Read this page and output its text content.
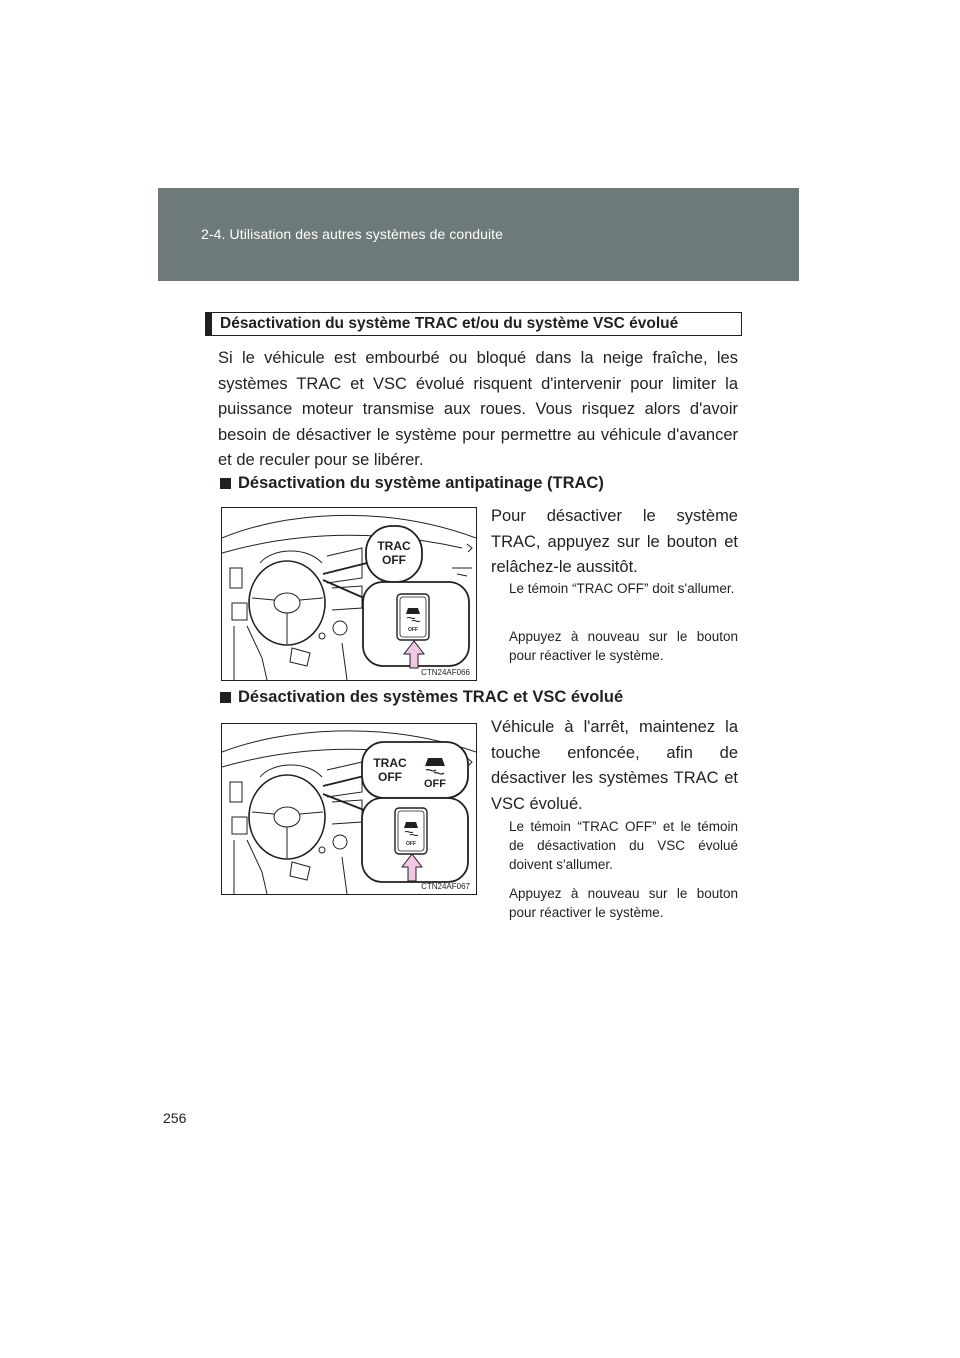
2-4. Utilisation des autres systèmes de conduite
Désactivation du système TRAC et/ou du système VSC évolué
Si le véhicule est embourbé ou bloqué dans la neige fraîche, les systèmes TRAC et VSC évolué risquent d'intervenir pour limiter la puissance moteur transmise aux roues. Vous risquez alors d'avoir besoin de désactiver le système pour permettre au véhicule d'avancer et de reculer pour se libérer.
Désactivation du système antipatinage (TRAC)
TRAC
OFF
OFF
CTN24AF066
Pour désactiver le système TRAC, appuyez sur le bouton et relâchez-le aussitôt.
Le témoin “TRAC OFF” doit s'allumer.
Appuyez à nouveau sur le bouton pour réactiver le système.
Désactivation des systèmes TRAC et VSC évolué
TRAC
OFF OFF
OFF
CTN24AF067
Véhicule à l'arrêt, maintenez la touche enfoncée, afin de désactiver les systèmes TRAC et VSC évolué.
Le témoin “TRAC OFF” et le témoin de désactivation du VSC évolué doivent s'allumer.
Appuyez à nouveau sur le bouton pour réactiver le système.
256
